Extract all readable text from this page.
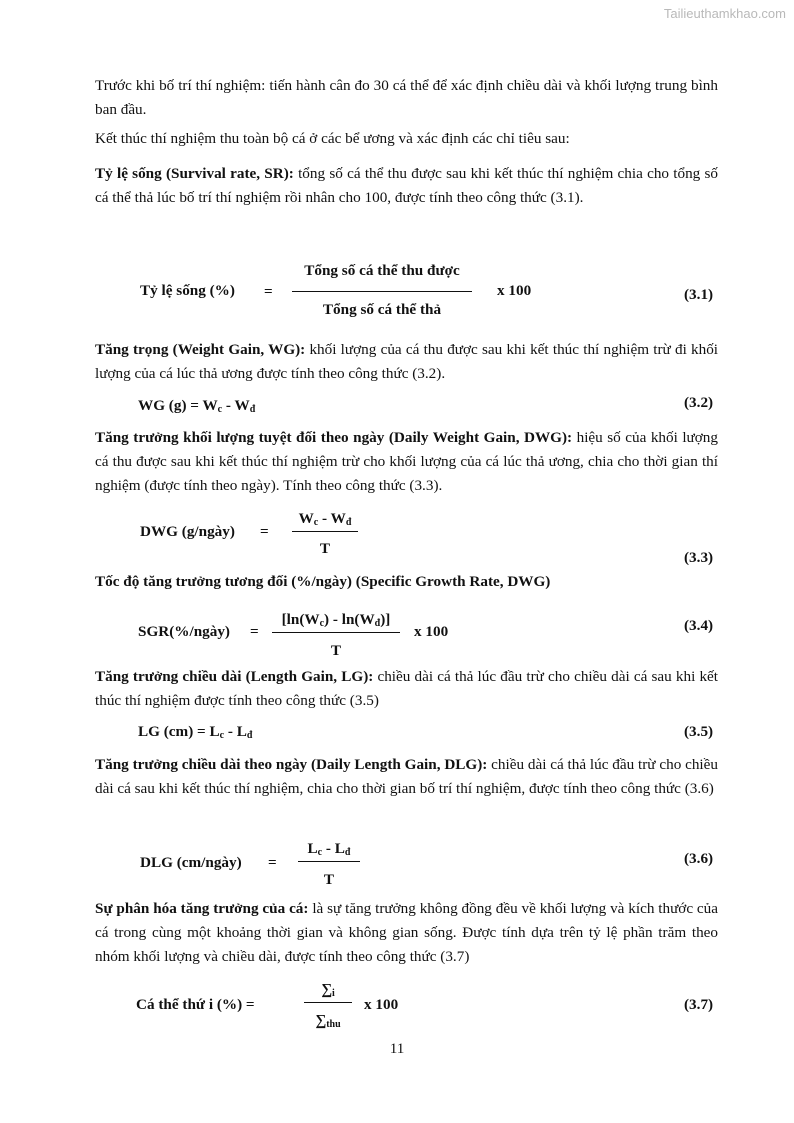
Tailieuthamkhao.com

Trước khi bố trí thí nghiệm: tiến hành cân đo 30 cá thể để xác định chiều dài và khối lượng trung bình ban đầu.

Kết thúc thí nghiệm thu toàn bộ cá ở các bể ương và xác định các chỉ tiêu sau:

Tỷ lệ sống (Survival rate, SR): tổng số cá thể thu được sau khi kết thúc thí nghiệm chia cho tổng số cá thể thả lúc bố trí thí nghiệm rồi nhân cho 100, được tính theo công thức (3.1).

Tỷ lệ sống (%) =
Tổng số cá thể thu được
Tổng số cá thể thả
x 100	(3.1)

Tăng trọng (Weight Gain, WG): khối lượng của cá thu được sau khi kết thúc thí nghiệm trừ đi khối lượng của cá lúc thả ương được tính theo công thức (3.2).

WG $(g) = W_c - W_đ$	(3.2)

Tăng trưởng khối lượng tuyệt đối theo ngày (Daily Weight Gain, DWG): hiệu số của khối lượng cá thu được sau khi kết thúc thí nghiệm trừ cho khối lượng của cá lúc thả ương, chia cho thời gian thí nghiệm (được tính theo ngày). Tính theo công thức (3.3).

DWG (g/ngày) =
$W_c - W_đ$
T
(3.3)

Tốc độ tăng trưởng tương đối (%/ngày) (Specific Growth Rate, DWG)

SGR(%/ngày) =
$[\ln(W_c) - \ln(W_đ)]$
T
x 100	(3.4)

Tăng trưởng chiều dài (Length Gain, LG): chiều dài cá thả lúc đầu trừ cho chiều dài cá sau khi kết thúc thí nghiệm được tính theo công thức (3.5)

LG $(cm) = L_c - L_đ$	(3.5)

Tăng trưởng chiều dài theo ngày (Daily Length Gain, DLG): chiều dài cá thả lúc đầu trừ cho chiều dài cá sau khi kết thúc thí nghiệm, chia cho thời gian bố trí thí nghiệm, được tính theo công thức (3.6)

DLG (cm/ngày) =
$L_c - L_đ$
T
(3.6)

Sự phân hóa tăng trưởng của cá: là sự tăng trưởng không đồng đều về khối lượng và kích thước của cá trong cùng một khoảng thời gian và không gian sống. Được tính dựa trên tỷ lệ phần trăm theo nhóm khối lượng và chiều dài, được tính theo công thức (3.7)

Cá thể thứ i (%) =
$\sum_i$
$\sum_{thu}$
x 100	(3.7)
11
